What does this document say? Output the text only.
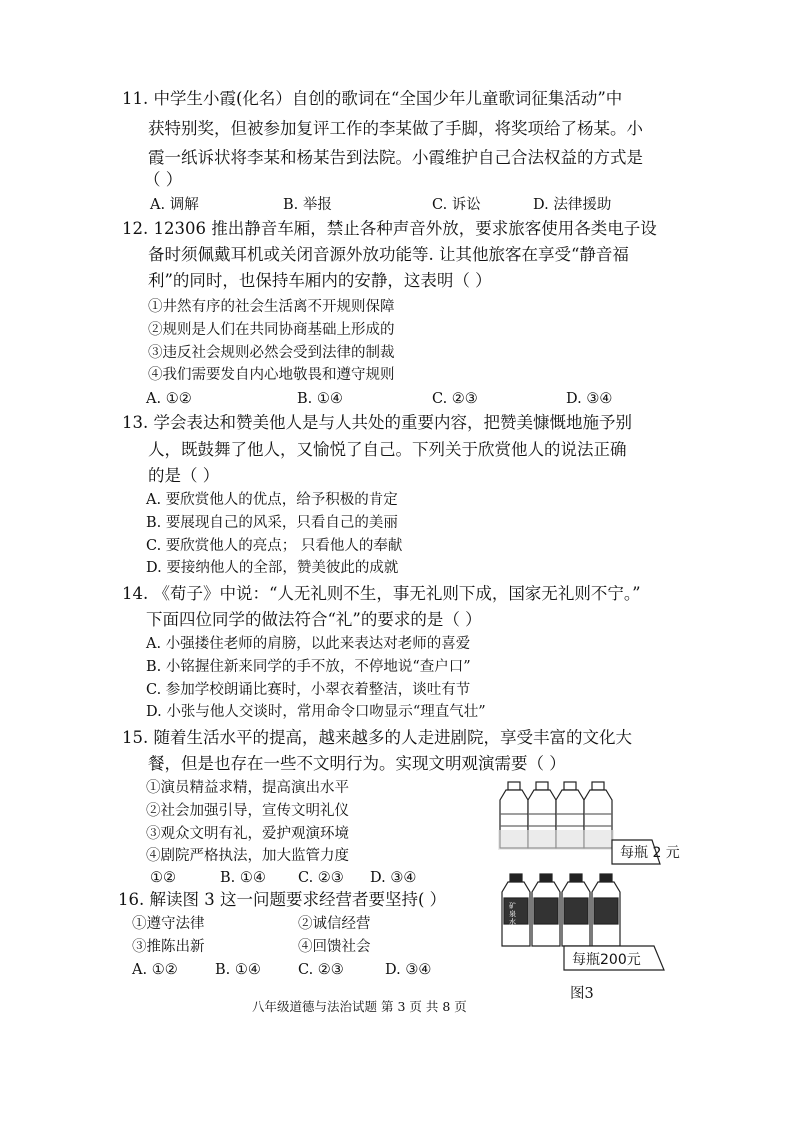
11. 中学生小霞(化名）自创的歌词在“全国少年儿童歌词征集活动”中
获特别奖，但被参加复评工作的李某做了手脚，将奖项给了杨某。小
霞一纸诉状将李某和杨某告到法院。小霞维护自己合法权益的方式是
（ ）
A. 调解	B. 举报	C. 诉讼	D. 法律援助
12. 12306 推出静音车厢，禁止各种声音外放，要求旅客使用各类电子设
备时须佩戴耳机或关闭音源外放功能等. 让其他旅客在享受“静音福
利”的同时，也保持车厢内的安静，这表明（ ）
①井然有序的社会生活离不开规则保障
②规则是人们在共同协商基础上形成的
③违反社会规则必然会受到法律的制裁
④我们需要发自内心地敬畏和遵守规则
A. ①②	B. ①④	C. ②③	D. ③④
13. 学会表达和赞美他人是与人共处的重要内容，把赞美慷慨地施予别
人，既鼓舞了他人，又愉悦了自己。下列关于欣赏他人的说法正确
的是（ ）
A. 要欣赏他人的优点，给予积极的肯定
B. 要展现自己的风采，只看自己的美丽
C. 要欣赏他人的亮点； 只看他人的奉献
D. 要接纳他人的全部，赞美彼此的成就
14. 《荀子》中说：“人无礼则不生，事无礼则下成，国家无礼则不宁。”
下面四位同学的做法符合“礼”的要求的是（ ）
A. 小强搂住老师的肩膀，以此来表达对老师的喜爱
B. 小铭握住新来同学的手不放，不停地说“查户口”
C. 参加学校朗诵比赛时，小翠衣着整洁，谈吐有节
D. 小张与他人交谈时，常用命令口吻显示“理直气壮”
15. 随着生活水平的提高，越来越多的人走进剧院，享受丰富的文化大
餐，但是也存在一些不文明行为。实现文明观演需要（ ）
①演员精益求精，提高演出水平
②社会加强引导，宣传文明礼仪
③观众文明有礼，爱护观演环境
④剧院严格执法，加大监管力度
①②	B. ①④ C. ②③ D. ③④
16. 解读图 3 这一问题要求经营者要坚持( ）
①遵守法律	②诚信经营
③推陈出新	④回馈社会
A. ①②	B. ①④	C. ②③	D. ③④
每瓶 2 元
矿泉水
每瓶200元
图3
八年级道德与法治试题 第 3 页 共 8 页
